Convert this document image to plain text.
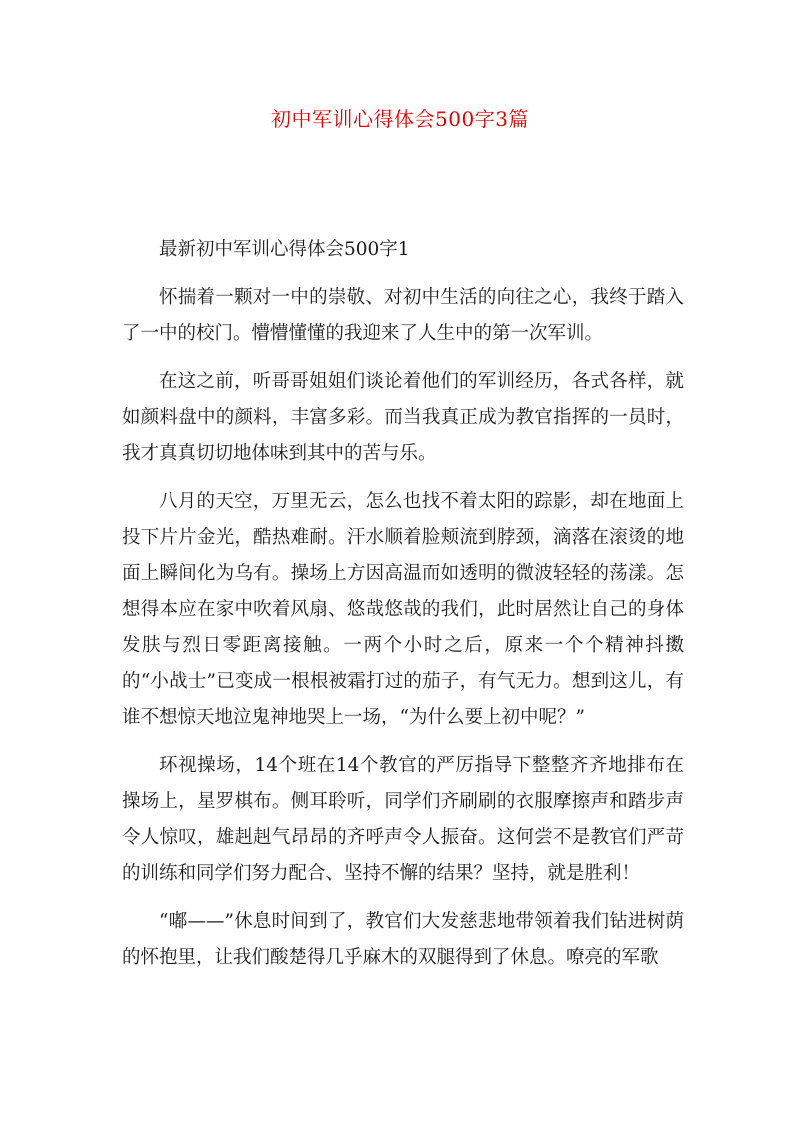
初中军训心得体会500字3篇

最新初中军训心得体会500字1

怀揣着一颗对一中的崇敬、对初中生活的向往之心，我终于踏入了一中的校门。懵懵懂懂的我迎来了人生中的第一次军训。

在这之前，听哥哥姐姐们谈论着他们的军训经历，各式各样，就如颜料盘中的颜料，丰富多彩。而当我真正成为教官指挥的一员时，我才真真切切地体味到其中的苦与乐。

八月的天空，万里无云，怎么也找不着太阳的踪影，却在地面上投下片片金光，酷热难耐。汗水顺着脸颊流到脖颈，滴落在滚烫的地面上瞬间化为乌有。操场上方因高温而如透明的微波轻轻的荡漾。怎想得本应在家中吹着风扇、悠哉悠哉的我们，此时居然让自己的身体发肤与烈日零距离接触。一两个小时之后，原来一个个精神抖擞的“小战士”已变成一根根被霜打过的茄子，有气无力。想到这儿，有谁不想惊天地泣鬼神地哭上一场，“为什么要上初中呢？”

环视操场，14个班在14个教官的严厉指导下整整齐齐地排布在操场上，星罗棋布。侧耳聆听，同学们齐刷刷的衣服摩擦声和踏步声令人惊叹，雄赳赳气昂昂的齐呼声令人振奋。这何尝不是教官们严苛的训练和同学们努力配合、坚持不懈的结果？坚持，就是胜利！

“嘟——”休息时间到了，教官们大发慈悲地带领着我们钻进树荫的怀抱里，让我们酸楚得几乎麻木的双腿得到了休息。嘹亮的军歌
